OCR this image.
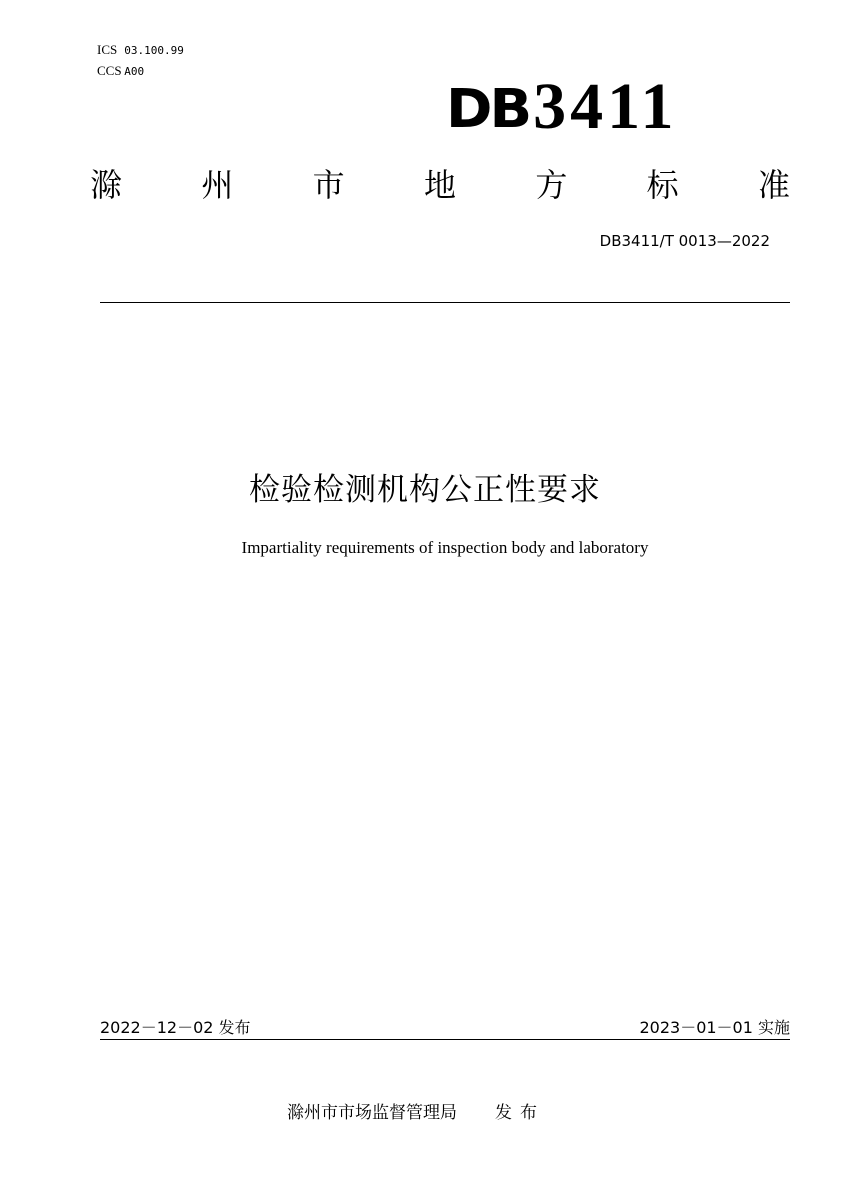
ICS 03.100.99
CCS A00
DB3411
滁 州 市 地 方 标 准
DB3411/T 0013—2022
检验检测机构公正性要求
Impartiality requirements of inspection body and laboratory
2022－12－02 发布	2023－01－01 实施
滁州市市场监督管理局 发布
